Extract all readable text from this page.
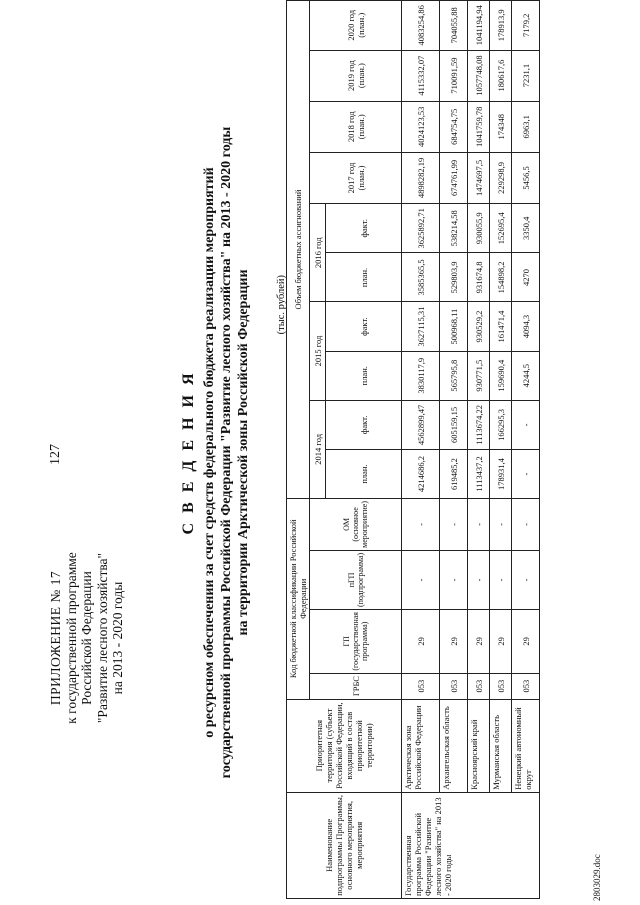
127
ПРИЛОЖЕНИЕ № 17 к государственной программе Российской Федерации "Развитие лесного хозяйства" на 2013 - 2020 годы
С В Е Д Е Н И Я о ресурсном обеспечении за счет средств федерального бюджета реализации мероприятий государственной программы Российской Федерации "Развитие лесного хозяйства" на 2013 - 2020 годы на территории Арктической зоны Российской Федерации (тыс. рублей)
Наименование подпрограммы Программы, основного мероприятия, мероприятия	Приоритетная территория (субъект Российской Федерации, входящий в состав приоритетной территории)	Код бюджетной классификации Российской Федерации				Объем бюджетных ассигнований									
		ГРБС	ГП (государственная программа)	пГП (подпрограмма)	ОМ (основное мероприятие)	2014 год		2015 год		2016 год		2017 год (план.)	2018 год (план.)	2019 год (план.)	2020 год (план.)
						план.	факт.	план.	факт.	план.	факт.				

Государственная программа Российской Федерации "Развитие лесного хозяйства" на 2013 - 2020 годы	Арктическая зона Российской Федерации	053	29	-	-	4214686,2	4562899,47	3830117,9	3627115,31	3585365,5	3625892,71	4898282,19	4024123,53	4115332,07	4083254,86
	Архангельская область	053	29	-	-	619485,2	605159,15	565795,8	500968,11	529803,9	538214,58	674761,99	684754,75	710091,59	704055,88
	Красноярский край	053	29	-	-	1113437,2	1113674,22	930771,5	930529,2	931674,8	930055,9	1474697,5	1041759,78	1057748,08	1041194,94
	Мурманская область	053	29	-	-	178931,4	166295,3	159690,4	161471,4	154898,2	152695,4	229298,9	174348	180617,6	178913,9
	Ненецкий автономный округ	053	29	-	-	-	-	4244,5	4094,3	4270	3350,4	5456,5	6963,1	7231,1	7179,2
2803029.doc
